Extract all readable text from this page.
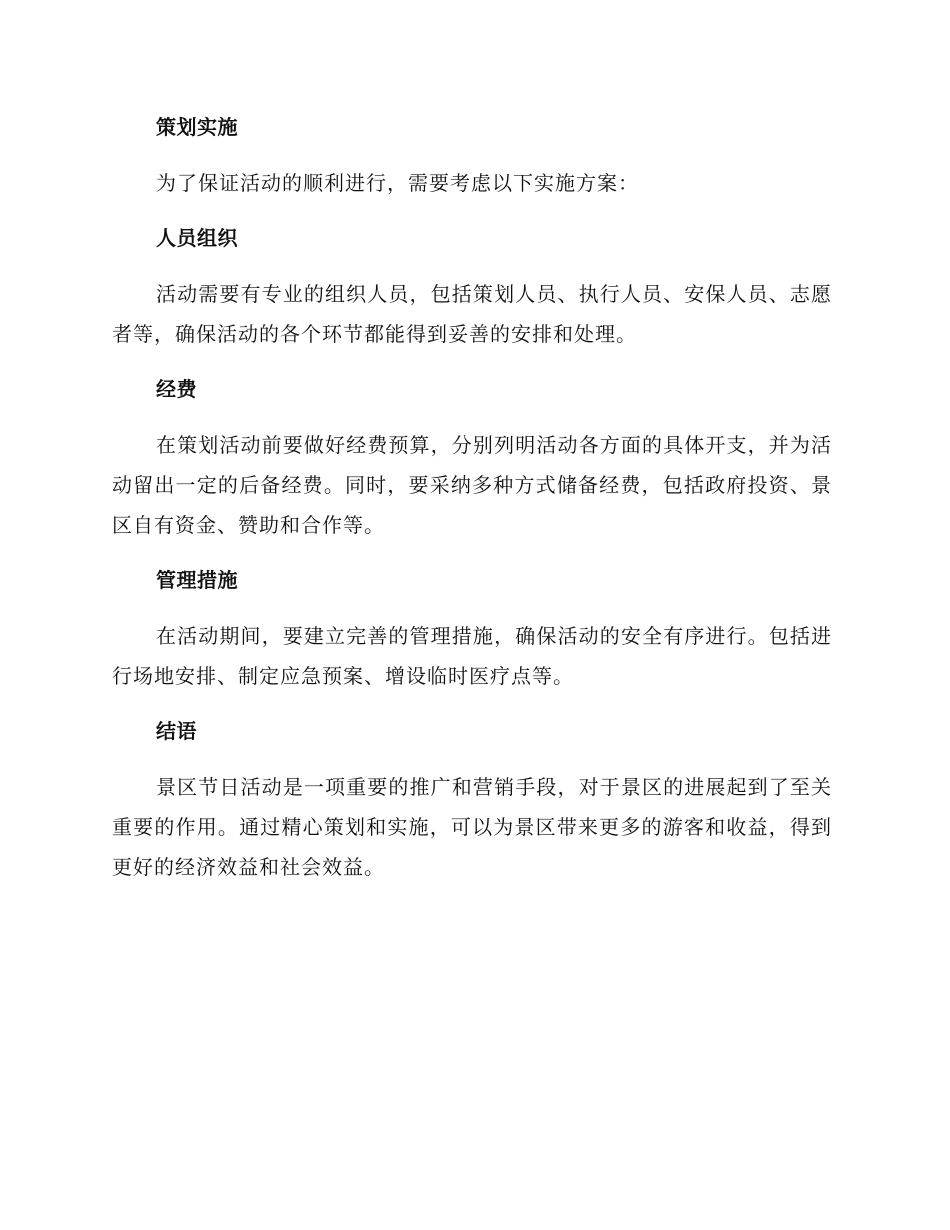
策划实施

为了保证活动的顺利进行，需要考虑以下实施方案：

人员组织

活动需要有专业的组织人员，包括策划人员、执行人员、安保人员、志愿者等，确保活动的各个环节都能得到妥善的安排和处理。

经费

在策划活动前要做好经费预算，分别列明活动各方面的具体开支，并为活动留出一定的后备经费。同时，要采纳多种方式储备经费，包括政府投资、景区自有资金、赞助和合作等。

管理措施

在活动期间，要建立完善的管理措施，确保活动的安全有序进行。包括进行场地安排、制定应急预案、增设临时医疗点等。

结语

景区节日活动是一项重要的推广和营销手段，对于景区的进展起到了至关重要的作用。通过精心策划和实施，可以为景区带来更多的游客和收益，得到更好的经济效益和社会效益。
